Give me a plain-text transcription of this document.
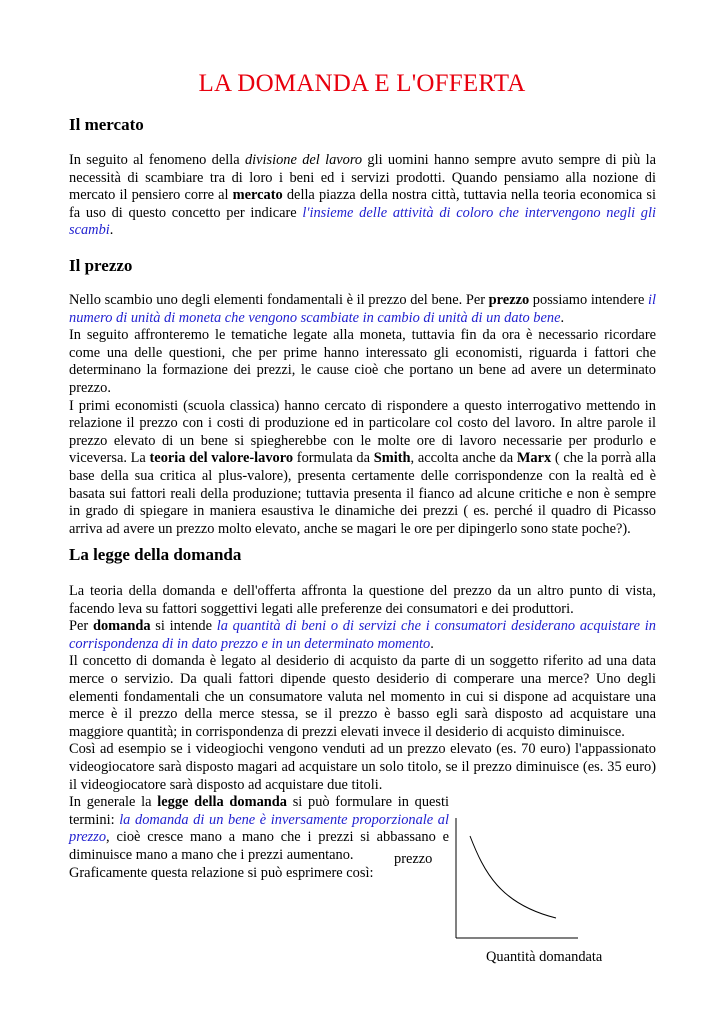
LA DOMANDA E L'OFFERTA
Il mercato

In seguito al fenomeno della divisione del lavoro gli uomini hanno sempre avuto sempre di più la necessità di scambiare tra di loro i beni ed i servizi prodotti. Quando pensiamo alla nozione di mercato il pensiero corre al mercato della piazza della nostra città, tuttavia nella teoria economica si fa uso di questo concetto per indicare l'insieme delle attività di coloro che intervengono negli gli scambi.

Il prezzo
Nello scambio uno degli elementi fondamentali è il prezzo del bene. Per prezzo possiamo intendere il numero di unità di moneta che vengono scambiate in cambio di unità di un dato bene.
In seguito affronteremo le tematiche legate alla moneta, tuttavia fin da ora è necessario ricordare come una delle questioni, che per prime hanno interessato gli economisti, riguarda i fattori che determinano la formazione dei prezzi, le cause cioè che portano un bene ad avere un determinato prezzo.
I primi economisti (scuola classica) hanno cercato di rispondere a questo interrogativo mettendo in relazione il prezzo con i costi di produzione ed in particolare col costo del lavoro. In altre parole il prezzo elevato di un bene si spiegherebbe con le molte ore di lavoro necessarie per produrlo e viceversa. La teoria del valore-lavoro formulata da Smith, accolta anche da Marx ( che la porrà alla base della sua critica al plus-valore), presenta certamente delle corrispondenze con la realtà ed è basata sui fattori reali della produzione; tuttavia presenta il fianco ad alcune critiche e non è sempre in grado di spiegare in maniera esaustiva le dinamiche dei prezzi ( es. perché il quadro di Picasso arriva ad avere un prezzo molto elevato, anche se magari le ore per dipingerlo sono state poche?).
La legge della domanda
La teoria della domanda e dell'offerta affronta la questione del prezzo da un altro punto di vista, facendo leva su fattori soggettivi legati alle preferenze dei consumatori e dei produttori.
Per domanda si intende la quantità di beni o di servizi che i consumatori desiderano acquistare in corrispondenza di in dato prezzo e in un determinato momento.
Il concetto di domanda è legato al desiderio di acquisto da parte di un soggetto riferito ad una data merce o servizio. Da quali fattori dipende questo desiderio di comperare una merce? Uno degli elementi fondamentali che un consumatore valuta nel momento in cui si dispone ad acquistare una merce è il prezzo della merce stessa, se il prezzo è basso egli sarà disposto ad acquistare una maggiore quantità; in corrispondenza di prezzi elevati invece il desiderio di acquisto diminuisce.
Così ad esempio se i videogiochi vengono venduti ad un prezzo elevato (es. 70 euro) l'appassionato videogiocatore sarà disposto magari ad acquistare un solo titolo, se il prezzo diminuisce (es. 35 euro) il videogiocatore sarà disposto ad acquistare due titoli.
In generale la legge della domanda si può formulare in questi termini: la domanda di un bene è inversamente proporzionale al prezzo, cioè cresce mano a mano che i prezzi si abbassano e diminuisce mano a mano che i prezzi aumentano.
Graficamente questa relazione si può esprimere così:
prezzo
Quantità domandata
